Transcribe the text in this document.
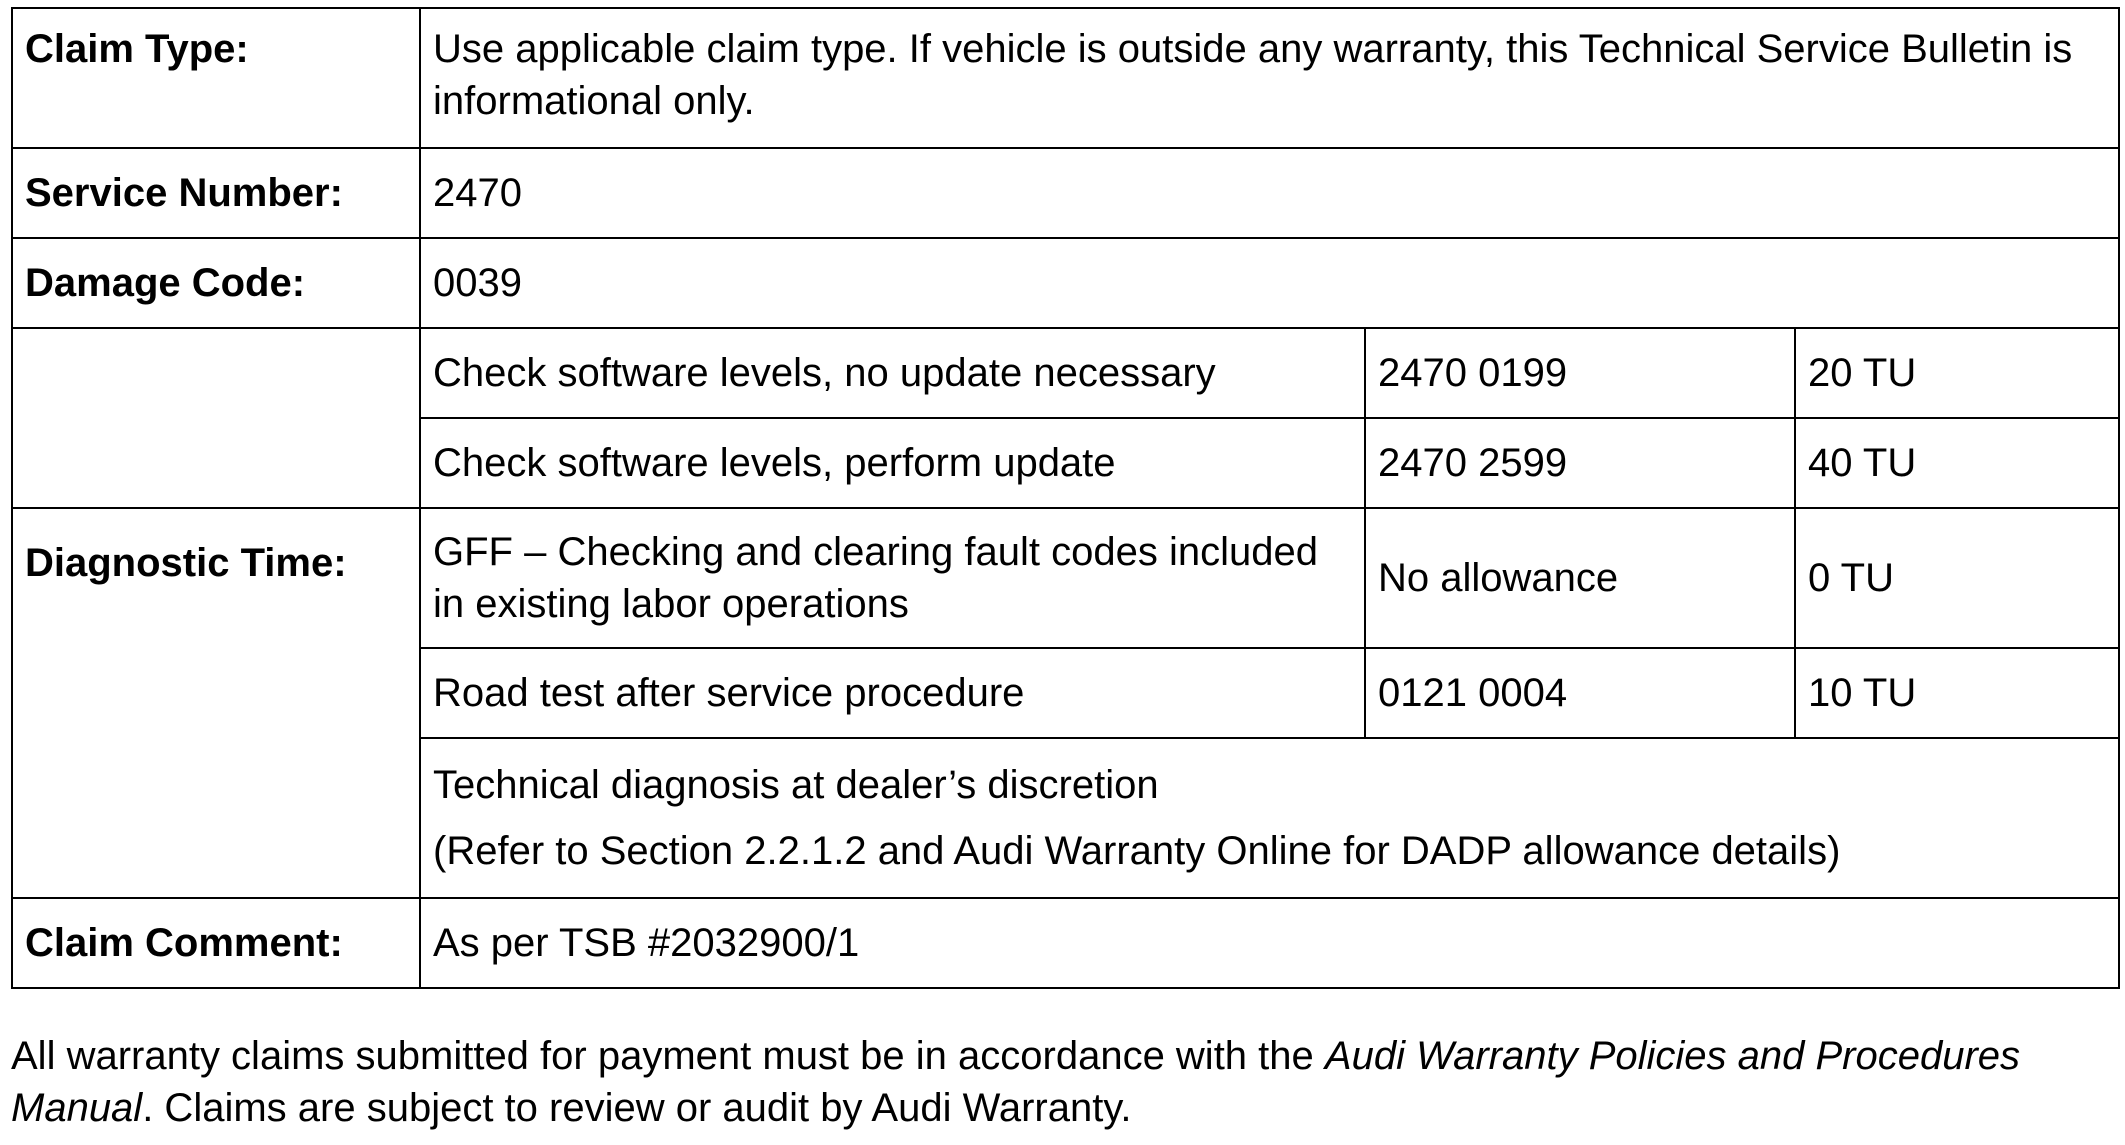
Claim Type:	Use applicable claim type. If vehicle is outside any warranty, this Technical Service Bulletin is informational only.		
Service Number:	2470		
Damage Code:	0039		
	Check software levels, no update necessary	2470 0199	20 TU
	Check software levels, perform update	2470 2599	40 TU
Diagnostic Time:	GFF – Checking and clearing fault codes included in existing labor operations	No allowance	0 TU
	Road test after service procedure	0121 0004	10 TU

	Technical diagnosis at dealer’s discretion
(Refer to Section 2.2.1.2 and Audi Warranty Online for DADP allowance details)		

Claim Comment:	As per TSB #2032900/1		
All warranty claims submitted for payment must be in accordance with the Audi Warranty Policies and Procedures Manual. Claims are subject to review or audit by Audi Warranty.
